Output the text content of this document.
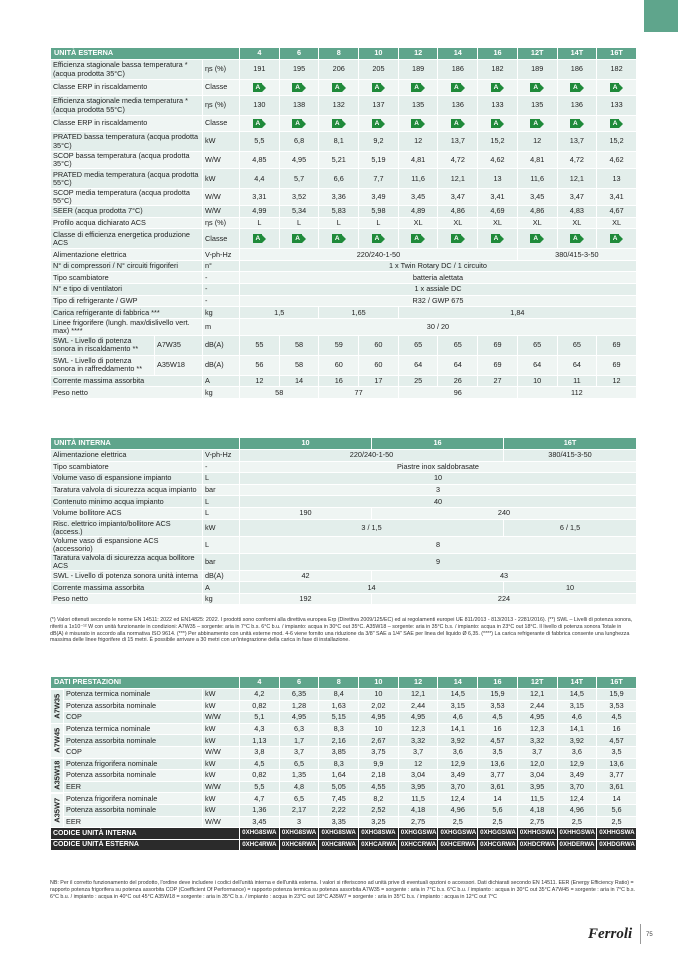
UNITÀ ESTERNA			4	6	8	10	12	14	16	12T	14T	16T
Efficienza stagionale bassa temperatura * (acqua prodotta 35°C)		ηs (%)	191	195	206	205	189	186	182	189	186	182
Classe ERP in riscaldamento		Classe	A	A	A	A	A	A	A	A	A	A

Efficienza stagionale media temperatura * (acqua prodotta 55°C)		ηs (%)	130	138	132	137	135	136	133	135	136	133
Classe ERP in riscaldamento		Classe	A	A	A	A	A	A	A	A	A	A

PRATED bassa temperatura (acqua prodotta 35°C)		kW	5,5	6,8	8,1	9,2	12	13,7	15,2	12	13,7	15,2
SCOP bassa temperatura (acqua prodotta 35°C)		W/W	4,85	4,95	5,21	5,19	4,81	4,72	4,62	4,81	4,72	4,62
PRATED media temperatura (acqua prodotta 55°C)		kW	4,4	5,7	6,6	7,7	11,6	12,1	13	11,6	12,1	13
SCOP media temperatura (acqua prodotta 55°C)		W/W	3,31	3,52	3,36	3,49	3,45	3,47	3,41	3,45	3,47	3,41
SEER (acqua prodotta 7°C)		W/W	4,99	5,34	5,83	5,98	4,89	4,86	4,69	4,86	4,83	4,67
Profilo acqua dichiarato ACS		ηs (%)	L	L	L	L	XL	XL	XL	XL	XL	XL
Classe di efficienza energetica produzione ACS		Classe	A	A	A	A	A	A	A	A	A	A

Alimentazione elettrica		V-ph-Hz	220/240-1-50							380/415-3-50		
N° di compressori / N° circuiti frigoriferi		n°	1 x Twin Rotary DC / 1 circuito									
Tipo scambiatore		-	batteria alettata									
N° e tipo di ventilatori		-	1 x assiale DC									
Tipo di refrigerante / GWP		-	R32 / GWP 675									
Carica refrigerante di fabbrica ***		kg	1,5		1,65		1,84					
Linee frigorifere (lungh. max/dislivello vert. max) ****		m	30 / 20									
SWL - Livello di potenza sonora in riscaldamento **	A7W35	dB(A)	55	58	59	60	65	65	69	65	65	69
SWL - Livello di potenza sonora in raffreddamento **	A35W18	dB(A)	56	58	60	60	64	64	69	64	64	69
Corrente massima assorbita		A	12	14	16	17	25	26	27	10	11	12
Peso netto		kg	58		77		96			112		
UNITÀ INTERNA		10	16	16T
Alimentazione elettrica	V-ph-Hz	220/240-1-50		380/415-3-50
Tipo scambiatore	-	Piastre inox saldobrasate		
Volume vaso di espansione impianto	L	10		
Taratura valvola di sicurezza acqua impianto	bar	3		
Contenuto minimo acqua impianto	L	40		
Volume bollitore ACS	L	190	240	
Risc. elettrico impianto/bollitore ACS (access.)	kW	3 / 1,5		6 / 1,5
Volume vaso di espansione ACS (accessorio)	L	8		
Taratura valvola di sicurezza acqua bollitore ACS	bar	9		
SWL - Livello di potenza sonora unità interna	dB(A)	42	43	
Corrente massima assorbita	A	14		10
Peso netto	kg	192	224	
(*) Valori ottenuti secondo le norme EN 14511: 2022 ed EN14825: 2022. I prodotti sono conformi alla direttiva europea Erp (Direttiva 2009/125/EC) ed ai regolamenti europei UE 811/2013 - 813/2013 - 2281/2016). (**) SWL – Livelli di potenza sonora, riferiti a 1x10⁻¹² W con unità funzionante in condizioni: A7W35 – sorgente: aria in 7°C b.s. 6°C b.u. / impianto: acqua in 30°C out 35°C. A35W18 – sorgente: aria in 35°C b.s. / impianto: acqua in 23°C out 18°C. Il livello di potenza sonora Totale in dB(A) è misurato in accordo alla normativa ISO 9614. (***) Per abbinamento con unità esterne mod. 4-6 viene fornito una riduzione da 3/8" SAE a 1/4" SAE per linea del liquido Ø 6,35. (****) La carica refrigerante di fabbrica consente una lunghezza massima delle linee frigorifere di 15 metri. È possibile arrivare a 30 metri con un'integrazione della carica in fase di installazione.
DATI PRESTAZIONI			4	6	8	10	12	14	16	12T	14T	16T
A7W35	Potenza termica nominale	kW	4,2	6,35	8,4	10	12,1	14,5	15,9	12,1	14,5	15,9
	Potenza assorbita nominale	kW	0,82	1,28	1,63	2,02	2,44	3,15	3,53	2,44	3,15	3,53
	COP	W/W	5,1	4,95	5,15	4,95	4,95	4,6	4,5	4,95	4,6	4,5
A7W45	Potenza termica nominale	kW	4,3	6,3	8,3	10	12,3	14,1	16	12,3	14,1	16
	Potenza assorbita nominale	kW	1,13	1,7	2,16	2,67	3,32	3,92	4,57	3,32	3,92	4,57
	COP	W/W	3,8	3,7	3,85	3,75	3,7	3,6	3,5	3,7	3,6	3,5
A35W18	Potenza frigorifera nominale	kW	4,5	6,5	8,3	9,9	12	12,9	13,6	12,0	12,9	13,6
	Potenza assorbita nominale	kW	0,82	1,35	1,64	2,18	3,04	3,49	3,77	3,04	3,49	3,77
	EER	W/W	5,5	4,8	5,05	4,55	3,95	3,70	3,61	3,95	3,70	3,61
A35W7	Potenza frigorifera nominale	kW	4,7	6,5	7,45	8,2	11,5	12,4	14	11,5	12,4	14
	Potenza assorbita nominale	kW	1,36	2,17	2,22	2,52	4,18	4,96	5,6	4,18	4,96	5,6
	EER	W/W	3,45	3	3,35	3,25	2,75	2,5	2,5	2,75	2,5	2,5
CODICE UNITÀ INTERNA			0XHG8SWA	0XHG8SWA	0XHG8SWA	0XHG8SWA	0XHGGSWA	0XHGGSWA	0XHGGSWA	0XHHGSWA	0XHHGSWA	0XHHGSWA
CODICE UNITÀ ESTERNA			0XHC4RWA	0XHC6RWA	0XHC8RWA	0XHCARWA	0XHCCRWA	0XHCERWA	0XHCGRWA	0XHDCRWA	0XHDERWA	0XHDGRWA
NB: Per il corretto funzionamento del prodotto, l'ordine deve includere i codici dell'unità interna e dell'unità esterna. I valori si riferiscono ad unità prive di eventuali opzioni o accessori. Dati dichiarati secondo EN 14511. EER (Energy Efficiency Ratio) = rapporto potenza frigorifera su potenza assorbita COP (Coefficient Of Performance) = rapporto potenza termica su potenza assorbita A7W35 = sorgente : aria in 7°C b.s. 6°C b.u. / impianto : acqua in 30°C out 35°C A7W45 = sorgente : aria in 7°C b.s. 6°C b.u. / impianto : acqua in 40°C out 45°C A35W18 = sorgente : aria in 35°C b.s. / impianto : acqua in 23°C out 18°C A35W7 = sorgente : aria in 35°C b.s. / impianto : acqua in 12°C out 7°C
Ferroli 75
